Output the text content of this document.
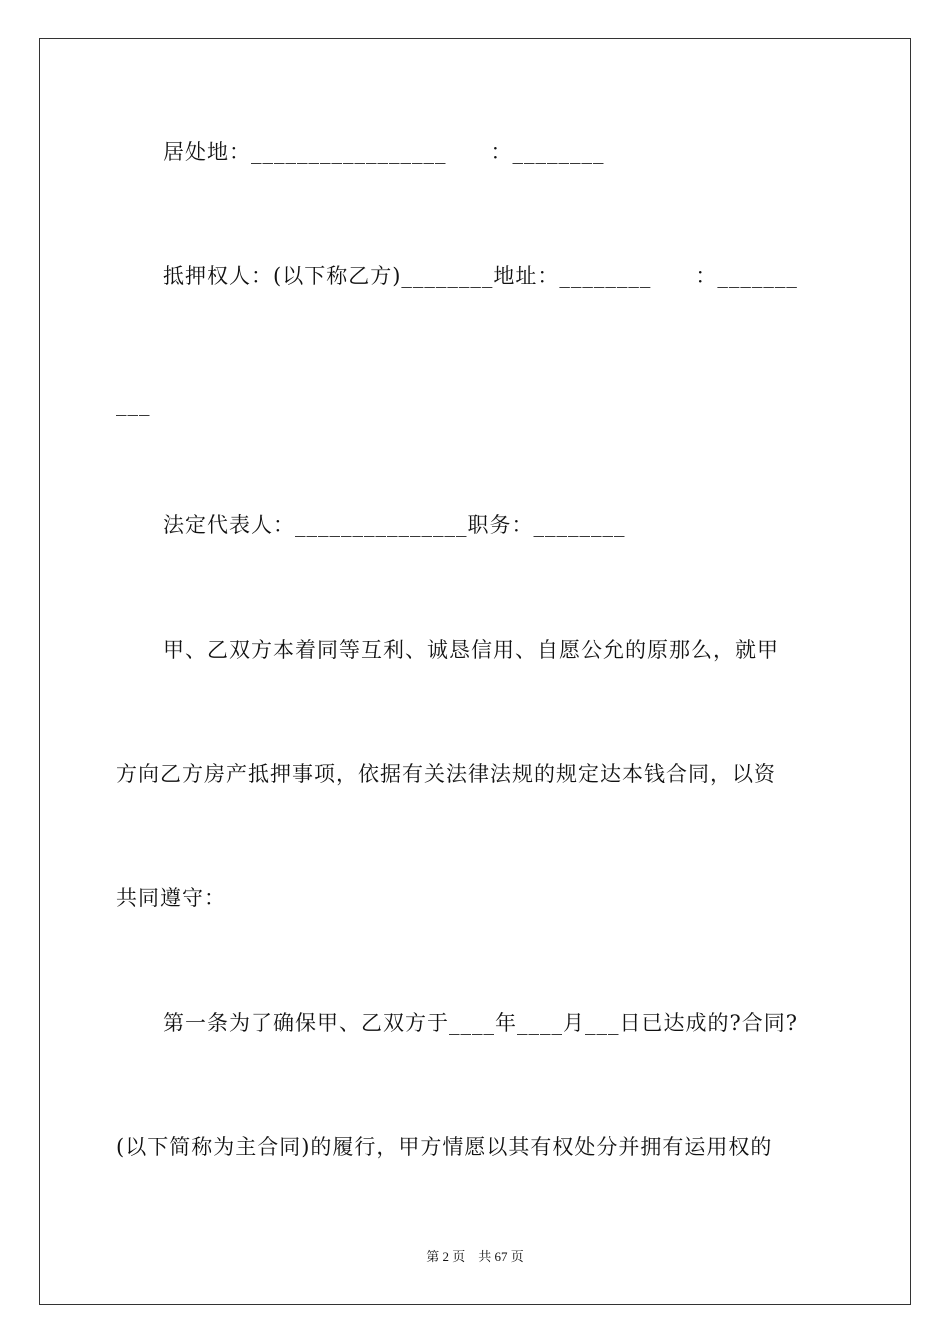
居处地：_________________　　：________
抵押权人：(以下称乙方)________地址：________　　：_______
___
法定代表人：_______________职务：________
甲、乙双方本着同等互利、诚恳信用、自愿公允的原那么，就甲
方向乙方房产抵押事项，依据有关法律法规的规定达本钱合同，以资
共同遵守：
第一条为了确保甲、乙双方于____年____月___日已达成的?合同?
(以下简称为主合同)的履行，甲方情愿以其有权处分并拥有运用权的
第 2 页　共 67 页
